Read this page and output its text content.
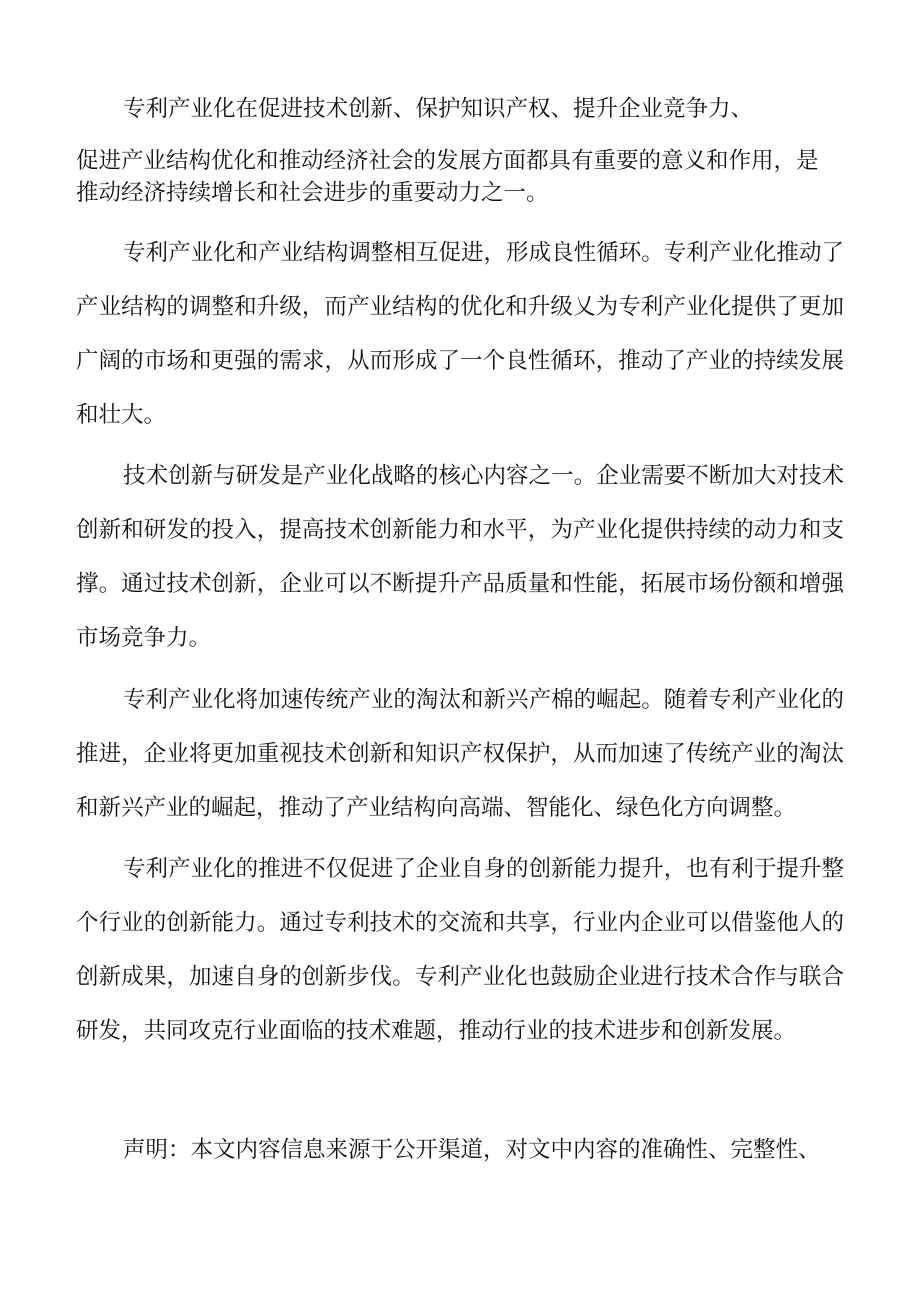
专利产业化在促进技术创新、保护知识产权、提升企业竞争力、

促进产业结构优化和推动经济社会的发展方面都具有重要的意义和作用，是

推动经济持续增长和社会进步的重要动力之一。

专利产业化和产业结构调整相互促进，形成良性循环。专利产业化推动了产业结构的调整和升级，而产业结构的优化和升级乂为专利产业化提供了更加广阔的市场和更强的需求，从而形成了一个良性循环，推动了产业的持续发展和壮大。

技术创新与研发是产业化战略的核心内容之一。企业需要不断加大对技术创新和研发的投入，提高技术创新能力和水平，为产业化提供持续的动力和支撑。通过技术创新，企业可以不断提升产品质量和性能，拓展市场份额和增强市场竞争力。

专利产业化将加速传统产业的淘汰和新兴产棉的崛起。随着专利产业化的推进，企业将更加重视技术创新和知识产权保护，从而加速了传统产业的淘汰和新兴产业的崛起，推动了产业结构向高端、智能化、绿色化方向调整。

专利产业化的推进不仅促进了企业自身的创新能力提升，也有利于提升整个行业的创新能力。通过专利技术的交流和共享，行业内企业可以借鉴他人的创新成果，加速自身的创新步伐。专利产业化也鼓励企业进行技术合作与联合研发，共同攻克行业面临的技术难题，推动行业的技术进步和创新发展。

声明：本文内容信息来源于公开渠道，对文中内容的准确性、完整性、
